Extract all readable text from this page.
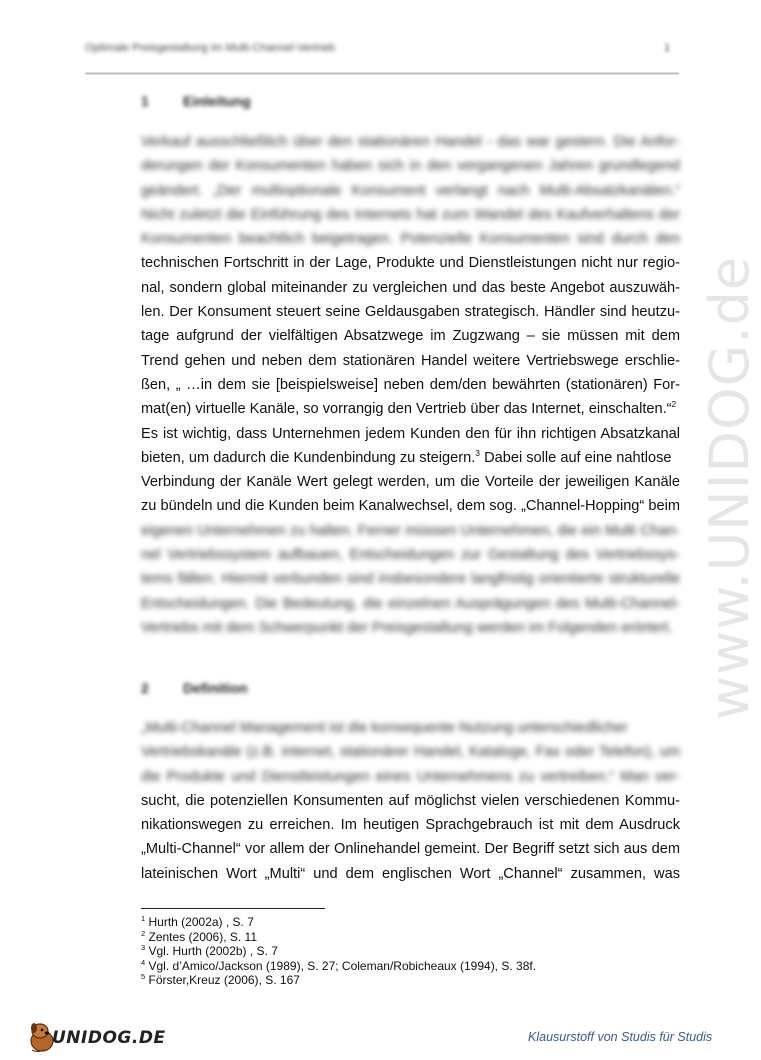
Optimale Preisgestaltung im Multi-Channel-Vertrieb	1
www.UNIDOG.de
1 Einleitung
Verkauf ausschließlich über den stationären Handel - das war gestern. Die Anfor-
derungen der Konsumenten haben sich in den vergangenen Jahren grundlegend
geändert. „Der multioptionale Konsument verlangt nach Multi-Absatzkanälen.“
Nicht zuletzt die Einführung des Internets hat zum Wandel des Kaufverhaltens der
Konsumenten beachtlich beigetragen. Potenzielle Konsumenten sind durch den
technischen Fortschritt in der Lage, Produkte und Dienstleistungen nicht nur regio-
nal, sondern global miteinander zu vergleichen und das beste Angebot auszuwäh-
len. Der Konsument steuert seine Geldausgaben strategisch. Händler sind heutzu-
tage aufgrund der vielfältigen Absatzwege im Zugzwang – sie müssen mit dem
Trend gehen und neben dem stationären Handel weitere Vertriebswege erschlie-
ßen, „ …in dem sie [beispielsweise] neben dem/den bewährten (stationären) For-
mat(en) virtuelle Kanäle, so vorrangig den Vertrieb über das Internet, einschalten.“$^2$
Es ist wichtig, dass Unternehmen jedem Kunden den für ihn richtigen Absatzkanal
bieten, um dadurch die Kundenbindung zu steigern.$^3$ Dabei solle auf eine nahtlose
Verbindung der Kanäle Wert gelegt werden, um die Vorteile der jeweiligen Kanäle
zu bündeln und die Kunden beim Kanalwechsel, dem sog. „Channel-Hopping“ beim
eigenen Unternehmen zu halten. Ferner müssen Unternehmen, die ein Multi Chan-
nel Vertriebssystem aufbauen, Entscheidungen zur Gestaltung des Vertriebssys-
tems fällen. Hiermit verbunden sind insbesondere langfristig orientierte strukturelle
Entscheidungen. Die Bedeutung, die einzelnen Ausprägungen des Multi-Channel-
Vertriebs mit dem Schwerpunkt der Preisgestaltung werden im Folgenden erörtert.
2 Definition
„Multi-Channel Management ist die konsequente Nutzung unterschiedlicher
Vertriebskanäle (z.B. Internet, stationärer Handel, Kataloge, Fax oder Telefon), um
die Produkte und Dienstleistungen eines Unternehmens zu vertreiben.“ Man ver-
sucht, die potenziellen Konsumenten auf möglichst vielen verschiedenen Kommu-
nikationswegen zu erreichen. Im heutigen Sprachgebrauch ist mit dem Ausdruck
„Multi-Channel“ vor allem der Onlinehandel gemeint. Der Begriff setzt sich aus dem
lateinischen Wort „Multi“ und dem englischen Wort „Channel“ zusammen, was
$^1$ Hurth (2002a) , S. 7
$^2$ Zentes (2006), S. 11
$^3$ Vgl. Hurth (2002b) , S. 7
$^4$ Vgl. d’Amico/Jackson (1989), S. 27; Coleman/Robicheaux (1994), S. 38f.
$^5$ Förster,Kreuz (2006), S. 167
UNIDOG.DE	Klausurstoff von Studis für Studis
